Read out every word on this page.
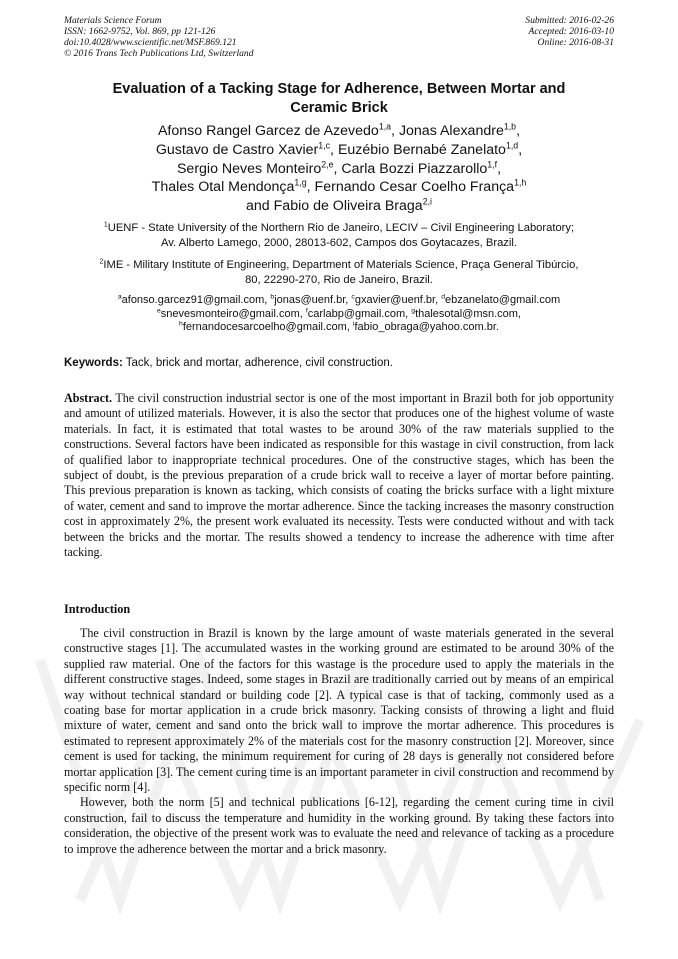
Materials Science Forum
ISSN: 1662-9752, Vol. 869, pp 121-126
doi:10.4028/www.scientific.net/MSF.869.121
© 2016 Trans Tech Publications Ltd, Switzerland
Submitted: 2016-02-26
Accepted: 2016-03-10
Online: 2016-08-31
Evaluation of a Tacking Stage for Adherence, Between Mortar and
Ceramic Brick
Afonso Rangel Garcez de Azevedo$^{1,a}$, Jonas Alexandre$^{1,b}$,
Gustavo de Castro Xavier$^{1,c}$, Euzébio Bernabé Zanelato$^{1,d}$,
Sergio Neves Monteiro$^{2,e}$, Carla Bozzi Piazzarollo$^{1,f}$,
Thales Otal Mendonça$^{1,g}$, Fernando Cesar Coelho França$^{1,h}$
and Fabio de Oliveira Braga$^{2,i}$
$^1$UENF - State University of the Northern Rio de Janeiro, LECIV – Civil Engineering Laboratory;
Av. Alberto Lamego, 2000, 28013-602, Campos dos Goytacazes, Brazil.
$^2$IME - Military Institute of Engineering, Department of Materials Science, Praça General Tibúrcio,
80, 22290-270, Rio de Janeiro, Brazil.
$^a$afonso.garcez91@gmail.com, $^b$jonas@uenf.br, $^c$gxavier@uenf.br, $^d$ebzanelato@gmail.com
$^e$snevesmonteiro@gmail.com, $^f$carlabp@gmail.com, $^g$thalesotal@msn.com,
$^h$fernandocesarcoelho@gmail.com, $^i$fabio_obraga@yahoo.com.br.
Keywords: Tack, brick and mortar, adherence, civil construction.
Abstract. The civil construction industrial sector is one of the most important in Brazil both for job opportunity and amount of utilized materials. However, it is also the sector that produces one of the highest volume of waste materials. In fact, it is estimated that total wastes to be around 30% of the raw materials supplied to the constructions. Several factors have been indicated as responsible for this wastage in civil construction, from lack of qualified labor to inappropriate technical procedures. One of the constructive stages, which has been the subject of doubt, is the previous preparation of a crude brick wall to receive a layer of mortar before painting. This previous preparation is known as tacking, which consists of coating the bricks surface with a light mixture of water, cement and sand to improve the mortar adherence. Since the tacking increases the masonry construction cost in approximately 2%, the present work evaluated its necessity. Tests were conducted without and with tack between the bricks and the mortar. The results showed a tendency to increase the adherence with time after tacking.
Introduction

The civil construction in Brazil is known by the large amount of waste materials generated in the several constructive stages [1]. The accumulated wastes in the working ground are estimated to be around 30% of the supplied raw material. One of the factors for this wastage is the procedure used to apply the materials in the different constructive stages. Indeed, some stages in Brazil are traditionally carried out by means of an empirical way without technical standard or building code [2]. A typical case is that of tacking, commonly used as a coating base for mortar application in a crude brick masonry. Tacking consists of throwing a light and fluid mixture of water, cement and sand onto the brick wall to improve the mortar adherence. This procedures is estimated to represent approximately 2% of the materials cost for the masonry construction [2]. Moreover, since cement is used for tacking, the minimum requirement for curing of 28 days is generally not considered before mortar application [3]. The cement curing time is an important parameter in civil construction and recommend by specific norm [4].

However, both the norm [5] and technical publications [6-12], regarding the cement curing time in civil construction, fail to discuss the temperature and humidity in the working ground. By taking these factors into consideration, the objective of the present work was to evaluate the need and relevance of tacking as a procedure to improve the adherence between the mortar and a brick masonry.
